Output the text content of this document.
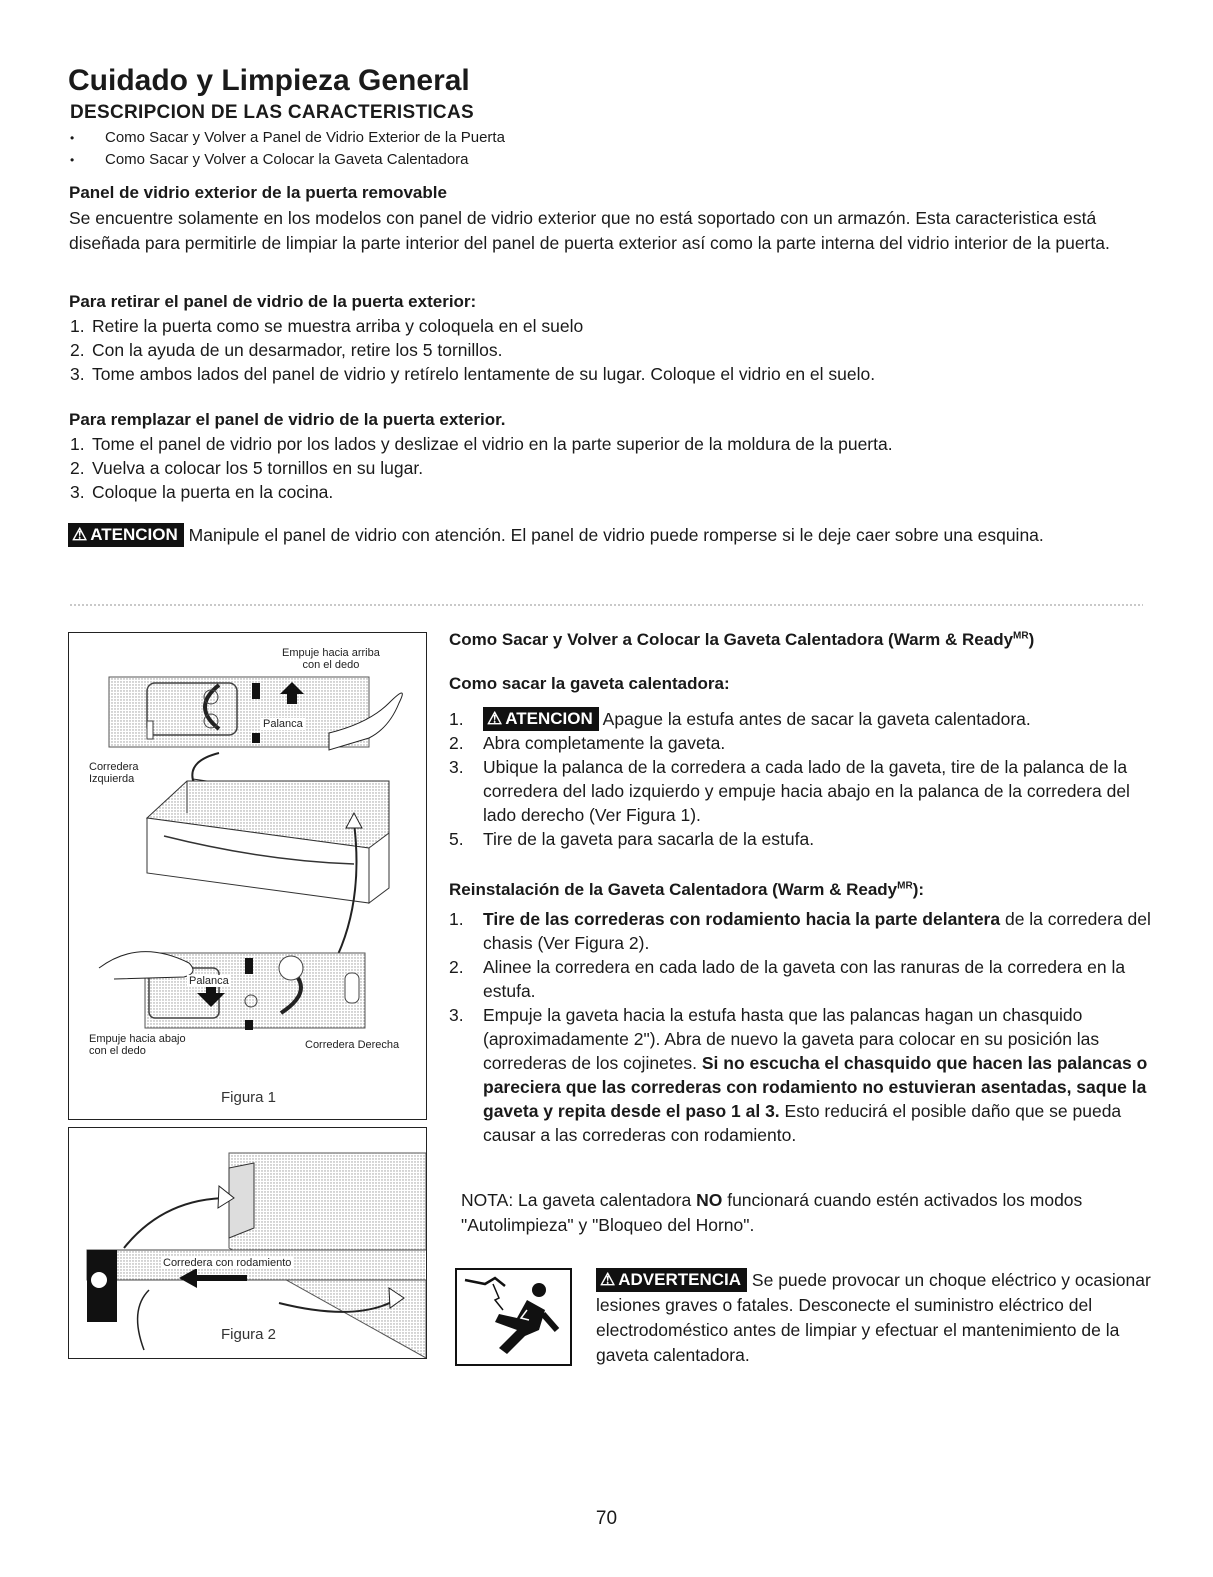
Cuidado y Limpieza General
DESCRIPCION DE LAS CARACTERISTICAS
• Como Sacar y Volver a Panel de Vidrio Exterior de la Puerta
• Como Sacar y Volver a Colocar la Gaveta Calentadora

Panel de vidrio exterior de la puerta removable

Se encuentre solamente en los modelos con panel de vidrio exterior que no está soportado con un armazón. Esta caracteristica está diseñada para permitirle de limpiar la parte interior del panel de puerta exterior así como la parte interna del vidrio interior de la puerta.

Para retirar el panel de vidrio de la puerta exterior:

1. Retire la puerta como se muestra arriba y coloquela en el suelo
2. Con la ayuda de un desarmador, retire los 5 tornillos.
3. Tome ambos lados del panel de vidrio y retírelo lentamente de su lugar. Coloque el vidrio en el suelo.

Para remplazar el panel de vidrio de la puerta exterior.

1. Tome el panel de vidrio por los lados y deslizae el vidrio en la parte superior de la moldura de la puerta.
2. Vuelva a colocar los 5 tornillos en su lugar.
3. Coloque la puerta en la cocina.

⚠ ATENCION Manipule el panel de vidrio con atención. El panel de vidrio puede romperse si le deje caer sobre una esquina.

Empuje hacia arriba
con el dedo
Palanca
Corredera
Izquierda
Palanca
Empuje hacia abajo
con el dedo	Corredera Derecha
Figura 1
Corredera con rodamiento
Figura 2
Como Sacar y Volver a Colocar la Gaveta Calentadora (Warm & Ready$^{MR}$)

Como sacar la gaveta calentadora:

1. ⚠ ATENCION Apague la estufa antes de sacar la gaveta calentadora.
2. Abra completamente la gaveta.
3. Ubique la palanca de la corredera a cada lado de la gaveta, tire de la palanca de la corredera del lado izquierdo y empuje hacia abajo en la palanca de la corredera del lado derecho (Ver Figura 1).
5. Tire de la gaveta para sacarla de la estufa.
Reinstalación de la Gaveta Calentadora (Warm & Ready$^{MR}$):
1. Tire de las correderas con rodamiento hacia la parte delantera de la corredera del chasis (Ver Figura 2).
2. Alinee la corredera en cada lado de la gaveta con las ranuras de la corredera en la estufa.
3. Empuje la gaveta hacia la estufa hasta que las palancas hagan un chasquido (aproximadamente 2"). Abra de nuevo la gaveta para colocar en su posición las correderas de los cojinetes. Si no escucha el chasquido que hacen las palancas o pareciera que las correderas con rodamiento no estuvieran asentadas, saque la gaveta y repita desde el paso 1 al 3. Esto reducirá el posible daño que se pueda causar a las correderas con rodamiento.

NOTA: La gaveta calentadora NO funcionará cuando estén activados los modos "Autolimpieza" y "Bloqueo del Horno".

⚠ ADVERTENCIA Se puede provocar un choque eléctrico y ocasionar lesiones graves o fatales. Desconecte el suministro eléctrico del electrodoméstico antes de limpiar y efectuar el mantenimiento de la gaveta calentadora.

70
